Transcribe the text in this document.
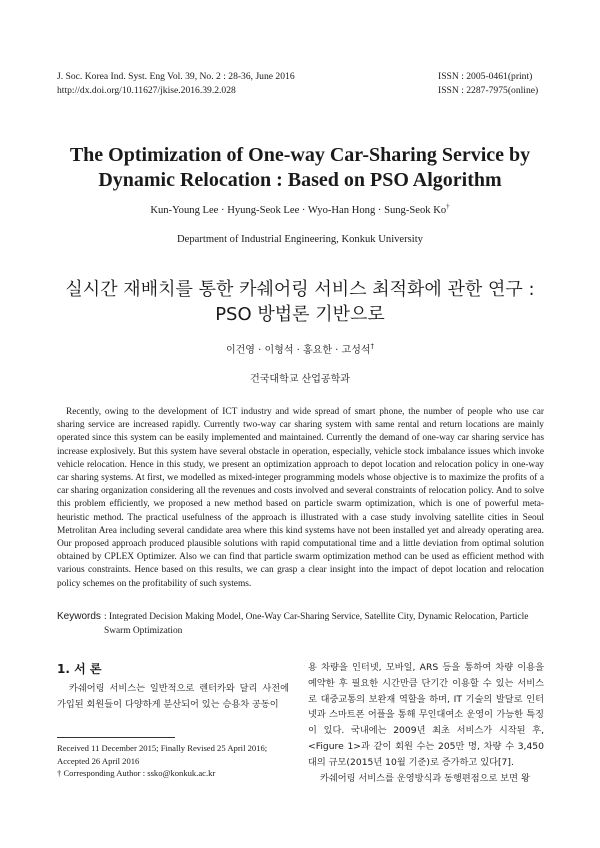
J. Soc. Korea Ind. Syst. Eng Vol. 39, No. 2 : 28-36, June 2016
http://dx.doi.org/10.11627/jkise.2016.39.2.028
ISSN : 2005-0461(print)
ISSN : 2287-7975(online)
The Optimization of One-way Car-Sharing Service by
Dynamic Relocation : Based on PSO Algorithm
Kun-Young Lee · Hyung-Seok Lee · Wyo-Han Hong · Sung-Seok Ko†
Department of Industrial Engineering, Konkuk University
실시간 재배치를 통한 카쉐어링 서비스 최적화에 관한 연구 :
PSO 방법론 기반으로
이건영 · 이형석 · 홍요한 · 고성석†
건국대학교 산업공학과

Recently, owing to the development of ICT industry and wide spread of smart phone, the number of people who use car sharing service are increased rapidly. Currently two-way car sharing system with same rental and return locations are mainly operated since this system can be easily implemented and maintained. Currently the demand of one-way car sharing service has increase explosively. But this system have several obstacle in operation, especially, vehicle stock imbalance issues which invoke vehicle relocation. Hence in this study, we present an optimization approach to depot location and relocation policy in one-way car sharing systems. At first, we modelled as mixed-integer programming models whose objective is to maximize the profits of a car sharing organization considering all the revenues and costs involved and several constraints of relocation policy. And to solve this problem efficiently, we proposed a new method based on particle swarm optimization, which is one of powerful meta-heuristic method. The practical usefulness of the approach is illustrated with a case study involving satellite cities in Seoul Metrolitan Area including several candidate area where this kind systems have not been installed yet and already operating area. Our proposed approach produced plausible solutions with rapid computational time and a little deviation from optimal solution obtained by CPLEX Optimizer. Also we can find that particle swarm optimization method can be used as efficient method with various constraints. Hence based on this results, we can grasp a clear insight into the impact of depot location and relocation policy schemes on the profitability of such systems.

Keywords : Integrated Decision Making Model, One-Way Car-Sharing Service, Satellite City, Dynamic Relocation, Particle Swarm Optimization
1. 서 론

카쉐어링 서비스는 일반적으로 렌터카와 달리 사전에 가입된 회원들이 다양하게 분산되어 있는 승용차 공동이

Received 11 December 2015; Finally Revised 25 April 2016;
Accepted 26 April 2016
† Corresponding Author : ssko@konkuk.ac.kr

용 차량을 인터넷, 모바일, ARS 등을 통하여 차량 이용을 예약한 후 필요한 시간만큼 단기간 이용할 수 있는 서비스로 대중교통의 보완재 역할을 하며, IT 기술의 발달로 인터넷과 스마트폰 어플을 통해 무인대여소 운영이 가능한 특징이 있다. 국내에는 2009년 최초 서비스가 시작된 후, <Figure 1>과 같이 회원 수는 205만 명, 차량 수 3,450대의 규모(2015년 10월 기준)로 증가하고 있다[7].
카쉐어링 서비스를 운영방식과 동행편점으로 보면 왕
